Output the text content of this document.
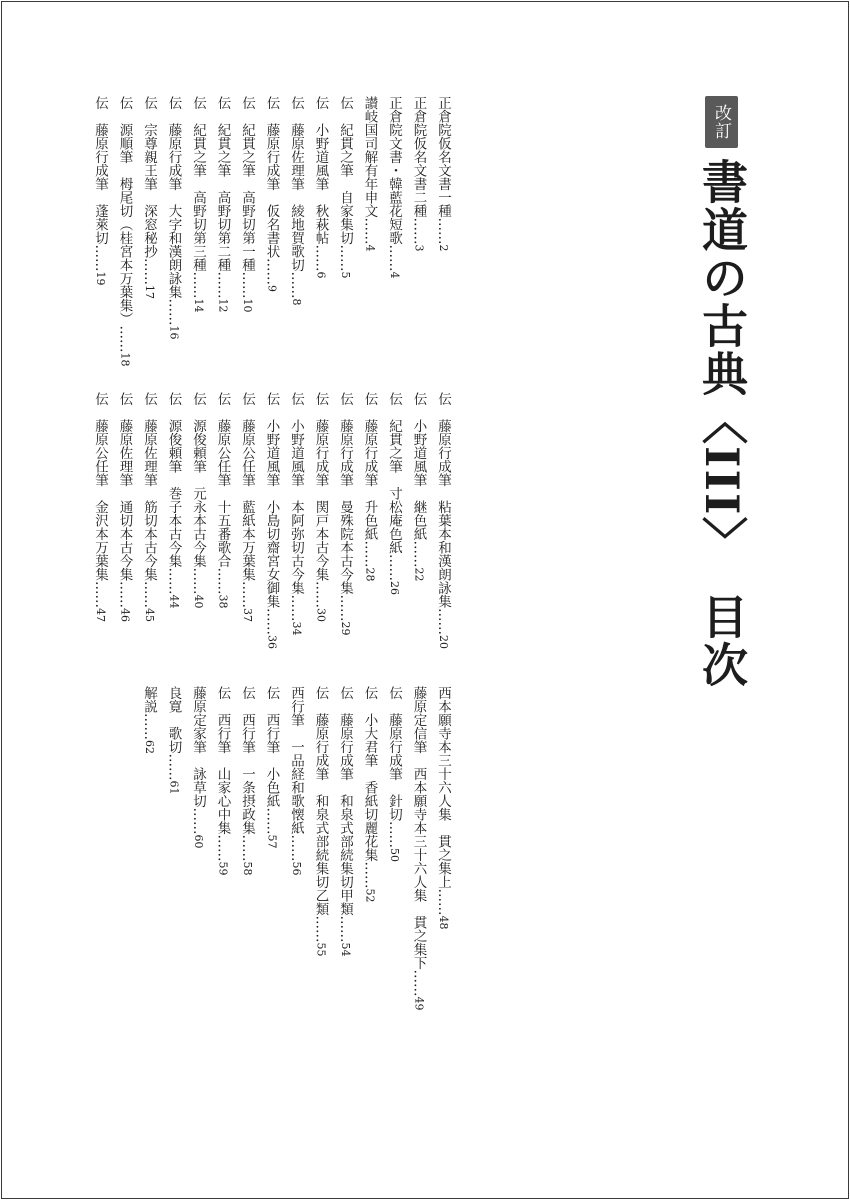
改訂
書道の古典〈III〉目次
正倉院仮名文書一種……2
正倉院仮名文書二種……3
正倉院文書・韓藍花短歌……4
讃岐国司解有年申文……4
伝　紀貫之筆　自家集切……5
伝　小野道風筆　秋萩帖……6
伝　藤原佐理筆　綾地賀歌切……8
伝　藤原行成筆　仮名書状……9
伝　紀貫之筆　高野切第一種……10
伝　紀貫之筆　高野切第二種……12
伝　紀貫之筆　高野切第三種……14
伝　藤原行成筆　大字和漢朗詠集……16
伝　宗尊親王筆　深窓秘抄……17
伝　源順筆　栂尾切（桂宮本万葉集）……18
伝　藤原行成筆　蓬萊切……19
伝　藤原行成筆　粘葉本和漢朗詠集……20
伝　小野道風筆　継色紙……22
伝　紀貫之筆　寸松庵色紙……26
伝　藤原行成筆　升色紙……28
伝　藤原行成筆　曼殊院本古今集……29
伝　藤原行成筆　関戸本古今集……30
伝　小野道風筆　本阿弥切古今集……34
伝　小野道風筆　小島切齋宮女御集……36
伝　藤原公任筆　藍紙本万葉集……37
伝　藤原公任筆　十五番歌合……38
伝　源俊頼筆　元永本古今集……40
伝　源俊頼筆　巻子本古今集……44
伝　藤原佐理筆　筋切本古今集……45
伝　藤原佐理筆　通切本古今集……46
伝　藤原公任筆　金沢本万葉集……47
西本願寺本三十六人集　貫之集上……48
藤原定信筆　西本願寺本三十六人集　貫之集下……49
伝　藤原行成筆　針切……50
伝　小大君筆　香紙切麗花集……52
伝　藤原行成筆　和泉式部続集切甲類……54
伝　藤原行成筆　和泉式部続集切乙類……55
西行筆　一品経和歌懐紙……56
伝　西行筆　小色紙……57
伝　西行筆　一条摂政集……58
伝　西行筆　山家心中集……59
藤原定家筆　詠草切……60
良寛　歌切……61
解説……62
